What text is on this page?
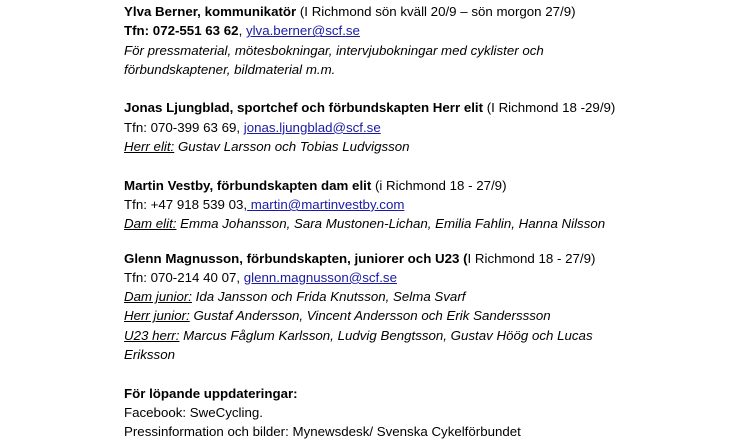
Ylva Berner, kommunikatör (I Richmond sön kväll 20/9 – sön morgon 27/9)
Tfn: 072-551 63 62, ylva.berner@scf.se
För pressmaterial, mötesbokningar, intervjubokningar med cyklister och
förbundskaptener, bildmaterial m.m.
Jonas Ljungblad, sportchef och förbundskapten Herr elit (I Richmond 18 -29/9)
Tfn: 070-399 63 69, jonas.ljungblad@scf.se
Herr elit: Gustav Larsson och Tobias Ludvigsson
Martin Vestby, förbundskapten dam elit (i Richmond 18 - 27/9)
Tfn: +47 918 539 03, martin@martinvestby.com
Dam elit: Emma Johansson, Sara Mustonen-Lichan, Emilia Fahlin, Hanna Nilsson
Glenn Magnusson, förbundskapten, juniorer och U23 (I Richmond 18 - 27/9)
Tfn: 070-214 40 07, glenn.magnusson@scf.se
Dam junior: Ida Jansson och Frida Knutsson, Selma Svarf
Herr junior: Gustaf Andersson, Vincent Andersson och Erik Sanderssson
U23 herr: Marcus Fåglum Karlsson, Ludvig Bengtsson, Gustav Höög och Lucas
Eriksson
För löpande uppdateringar:
Facebook: SweCycling.
Pressinformation och bilder: Mynewsdesk/ Svenska Cykelförbundet
